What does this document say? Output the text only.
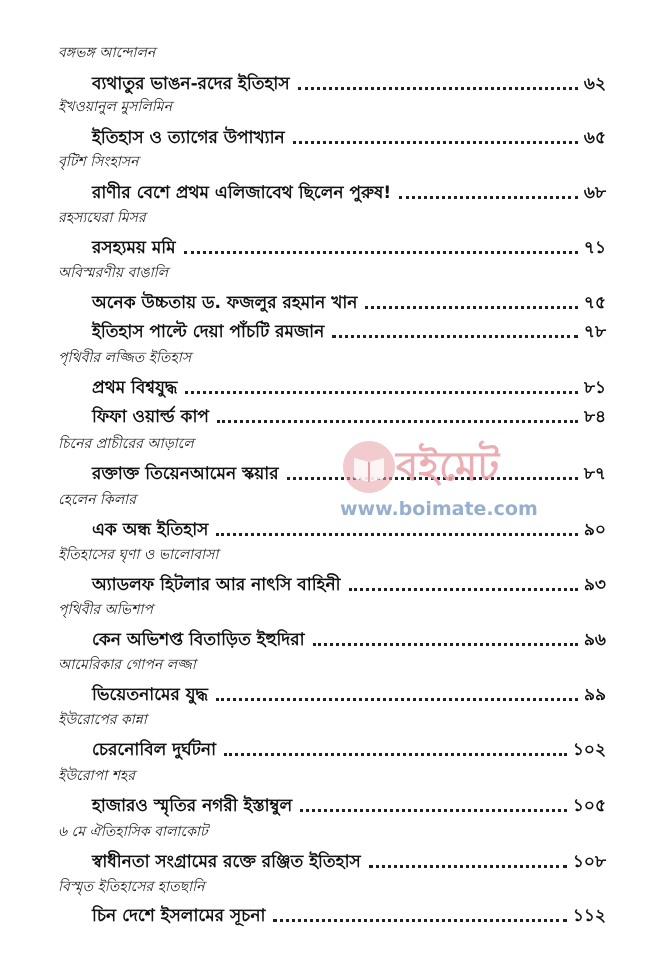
বঙ্গভঙ্গ আন্দোলন
ব্যথাতুর ভাঙন-রদের ইতিহাস	৬২
ইখওয়ানুল মুসলিমিন
ইতিহাস ও ত্যাগের উপাখ্যান	৬৫
বৃটিশ সিংহাসন
রাণীর বেশে প্রথম এলিজাবেথ ছিলেন পুরুষ!	৬৮
রহস্যঘেরা মিসর
রসহ্যময় মমি	৭১
অবিস্মরণীয় বাঙালি
অনেক উচ্চতায় ড. ফজলুর রহমান খান	৭৫
ইতিহাস পাল্টে দেয়া পাঁচটি রমজান	৭৮
পৃথিবীর লজ্জিত ইতিহাস
প্রথম বিশ্বযুদ্ধ	৮১
ফিফা ওয়ার্ল্ড কাপ	৮৪
চিনের প্রাচীরের আড়ালে
রক্তাক্ত তিয়েনআমেন স্কয়ার	৮৭
হেলেন কিলার
এক অন্ধ ইতিহাস	৯০
ইতিহাসের ঘৃণা ও ভালোবাসা
অ্যাডলফ হিটলার আর নাৎসি বাহিনী	৯৩
পৃথিবীর অভিশাপ
কেন অভিশপ্ত বিতাড়িত ইহুদিরা	৯৬
আমেরিকার গোপন লজ্জা
ভিয়েতনামের যুদ্ধ	৯৯
ইউরোপের কান্না
চেরনোবিল দুর্ঘটনা	১০২
ইউরোপা শহর
হাজারও স্মৃতির নগরী ইস্তাম্বুল	১০৫
৬ মে ঐতিহাসিক বালাকোট
স্বাধীনতা সংগ্রামের রক্তে রঞ্জিত ইতিহাস	১০৮
বিস্মৃত ইতিহাসের হাতছানি
চিন দেশে ইসলামের সূচনা	১১২
বইমেট
www.boimate.com
